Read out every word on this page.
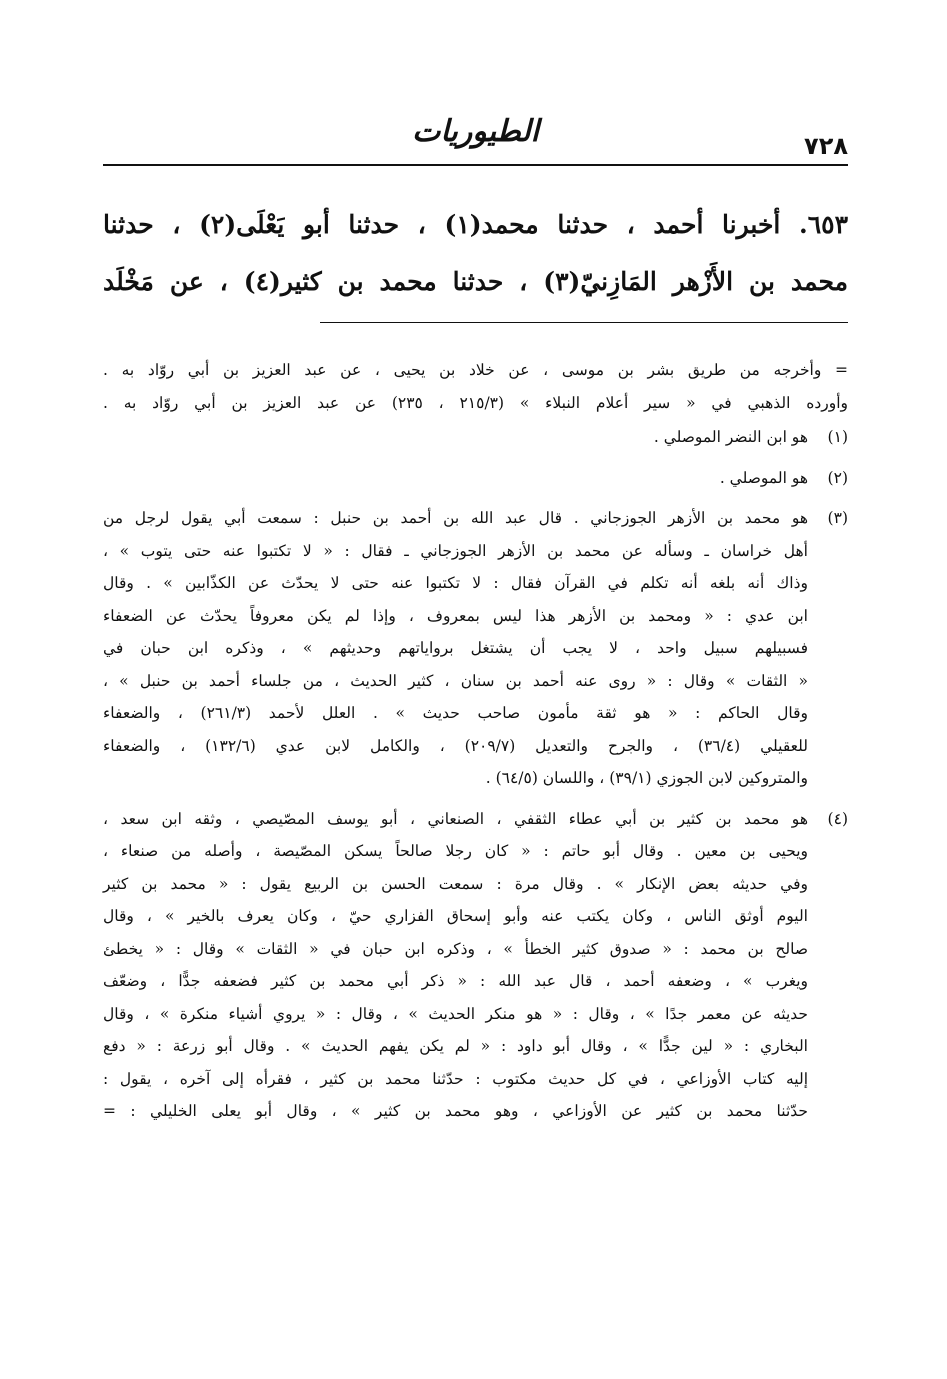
٧٢٨
الطيوريات
٦٥٣. أخبرنا أحمد ، حدثنا محمد(١) ، حدثنا أبو يَعْلَى(٢) ، حدثنا
محمد بن الأَزْهر المَازِنيّ(٣) ، حدثنا محمد بن كثير(٤) ، عن مَخْلَد
= وأخرجه من طريق بشر بن موسى ، عن خلاد بن يحيى ، عن عبد العزيز بن أبي روّاد به .
وأورده الذهبي في « سير أعلام النبلاء » (٢١٥/٣ ، ٢٣٥) عن عبد العزيز بن أبي روّاد به .
(١)
هو ابن النضر الموصلي .
(٢)
هو الموصلي .
(٣)
هو محمد بن الأزهر الجوزجاني . قال عبد الله بن أحمد بن حنبل : سمعت أبي يقول لرجل من
أهل خراسان ـ وسأله عن محمد بن الأزهر الجوزجاني ـ فقال : « لا تكتبوا عنه حتى يتوب » ،
وذاك أنه بلغه أنه تكلم في القرآن فقال : لا تكتبوا عنه حتى لا يحدّث عن الكذّابين » . وقال
ابن عدي : « ومحمد بن الأزهر هذا ليس بمعروف ، وإذا لم يكن معروفاً يحدّث عن الضعفاء
فسبيلهم سبيل واحد ، لا يجب أن يشتغل برواياتهم وحديثهم » ، وذكره ابن حبان في
« الثقات » وقال : « روى عنه أحمد بن سنان ، كثير الحديث ، من جلساء أحمد بن حنبل » ،
وقال الحاكم : « هو ثقة مأمون صاحب حديث » . العلل لأحمد (٢٦١/٣) ، والضعفاء
للعقيلي (٣٦/٤) ، والجرح والتعديل (٢٠٩/٧) ، والكامل لابن عدي (١٣٢/٦) ، والضعفاء
والمتروكين لابن الجوزي (٣٩/١) ، واللسان (٦٤/٥) .
(٤)
هو محمد بن كثير بن أبي عطاء الثقفي ، الصنعاني ، أبو يوسف المصّيصي ، وثقه ابن سعد ،
ويحيى بن معين . وقال أبو حاتم : « كان رجلا صالحاً يسكن المصّيصة ، وأصله من صنعاء ،
وفي حديثه بعض الإنكار » . وقال مرة : سمعت الحسن بن الربيع يقول : « محمد بن كثير
اليوم أوثق الناس ، وكان يكتب عنه وأبو إسحاق الفزاري حيّ ، وكان يعرف بالخير » ، وقال
صالح بن محمد : « صدوق كثير الخطأ » ، وذكره ابن حبان في « الثقات » وقال : « يخطئ
ويغرب » ، وضعفه أحمد ، قال عبد الله : « ذكر أبي محمد بن كثير فضعفه جدًّا ، وضعّف
حديثه عن معمر جدًا » ، وقال : « هو منكر الحديث » ، وقال : « يروي أشياء منكرة » ، وقال
البخاري : « لين جدًّا » ، وقال أبو داود : « لم يكن يفهم الحديث » . وقال أبو زرعة : « دفع
إليه كتاب الأوزاعي ، في كل حديث مكتوب : حدّثنا محمد بن كثير ، فقرأه إلى آخره ، يقول :
حدّثنا محمد بن كثير عن الأوزاعي ، وهو محمد بن كثير » ، وقال أبو يعلى الخليلي : =
